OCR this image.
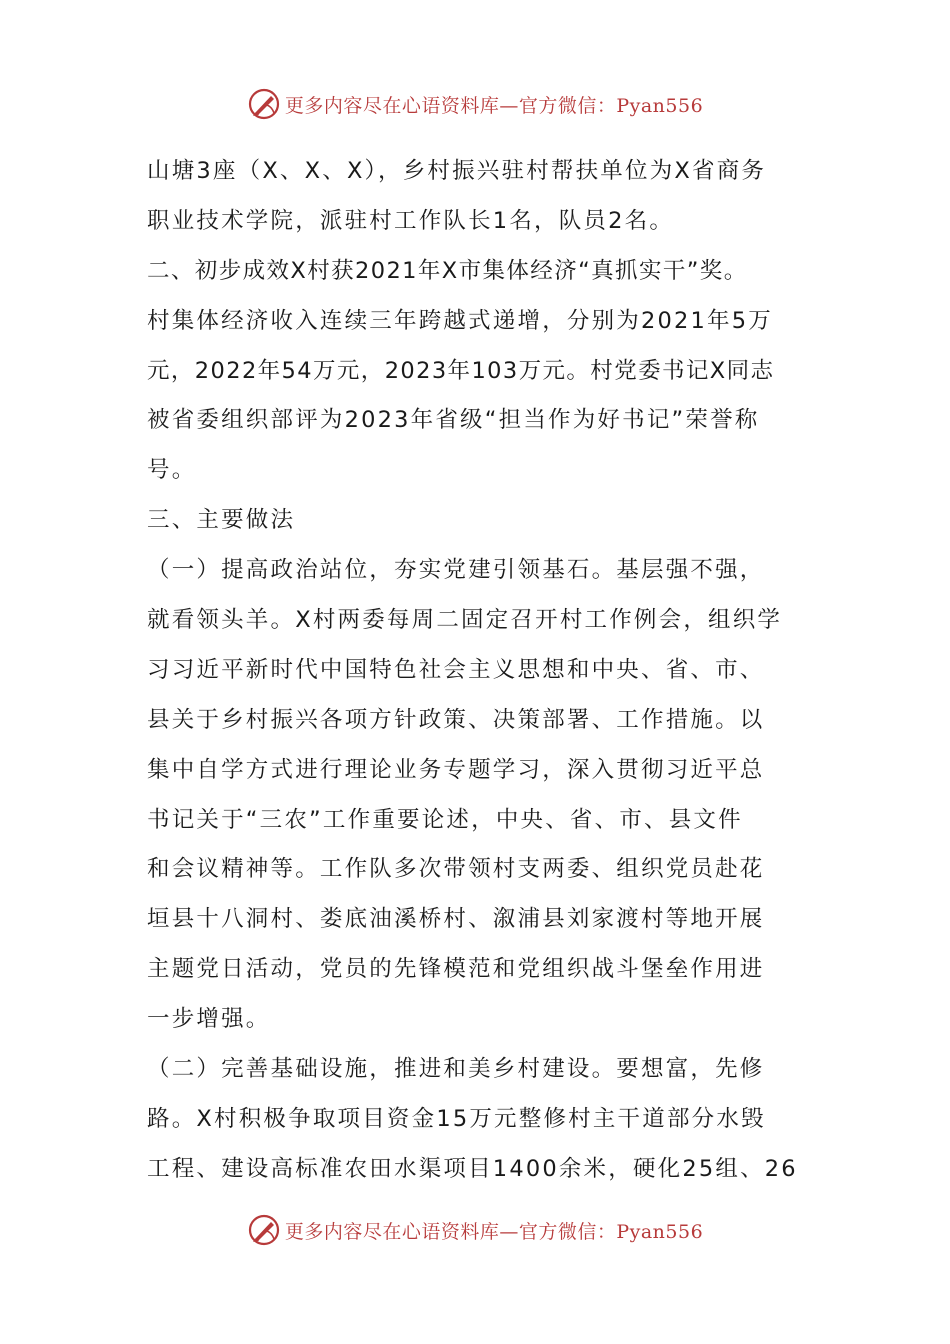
更多内容尽在心语资料库—官方微信：Pyan556
山塘3座（X、X、X），乡村振兴驻村帮扶单位为X省商务
职业技术学院，派驻村工作队长1名，队员2名。
二、初步成效X村获2021年X市集体经济“真抓实干”奖。
村集体经济收入连续三年跨越式递增，分别为2021年5万
元，2022年54万元，2023年103万元。村党委书记X同志
被省委组织部评为2023年省级“担当作为好书记”荣誉称
号。
三、主要做法
（一）提高政治站位，夯实党建引领基石。基层强不强，
就看领头羊。X村两委每周二固定召开村工作例会，组织学
习习近平新时代中国特色社会主义思想和中央、省、市、
县关于乡村振兴各项方针政策、决策部署、工作措施。以
集中自学方式进行理论业务专题学习，深入贯彻习近平总
书记关于“三农”工作重要论述，中央、省、市、县文件
和会议精神等。工作队多次带领村支两委、组织党员赴花
垣县十八洞村、娄底油溪桥村、溆浦县刘家渡村等地开展
主题党日活动，党员的先锋模范和党组织战斗堡垒作用进
一步增强。
（二）完善基础设施，推进和美乡村建设。要想富，先修
路。X村积极争取项目资金15万元整修村主干道部分水毁
工程、建设高标准农田水渠项目1400余米，硬化25组、26
更多内容尽在心语资料库—官方微信：Pyan556
